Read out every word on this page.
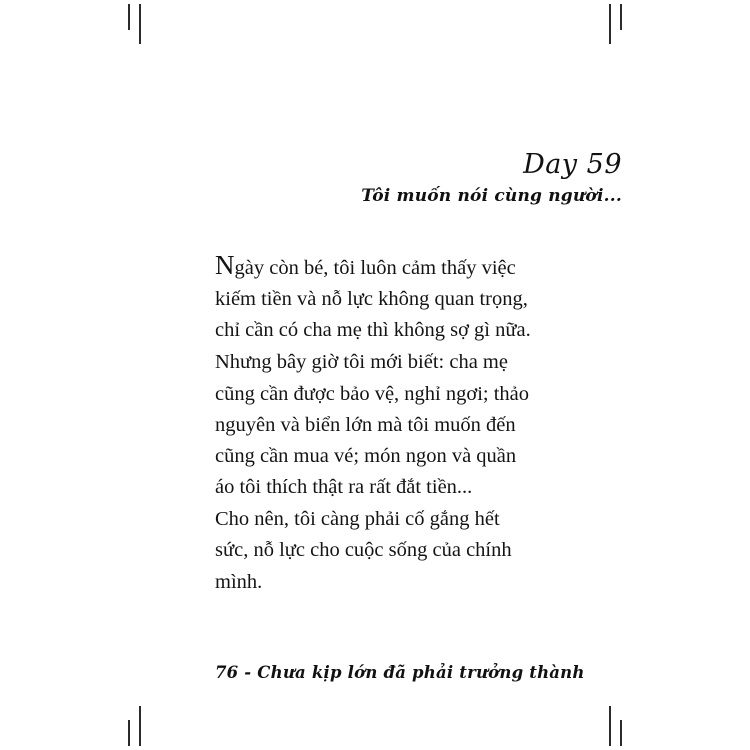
Day 59
Tôi muốn nói cùng người...

Ngày còn bé, tôi luôn cảm thấy việc kiếm tiền và nỗ lực không quan trọng, chỉ cần có cha mẹ thì không sợ gì nữa.

Nhưng bây giờ tôi mới biết: cha mẹ cũng cần được bảo vệ, nghỉ ngơi; thảo nguyên và biển lớn mà tôi muốn đến cũng cần mua vé; món ngon và quần áo tôi thích thật ra rất đắt tiền...

Cho nên, tôi càng phải cố gắng hết sức, nỗ lực cho cuộc sống của chính mình.

76 - Chưa kịp lớn đã phải trưởng thành
